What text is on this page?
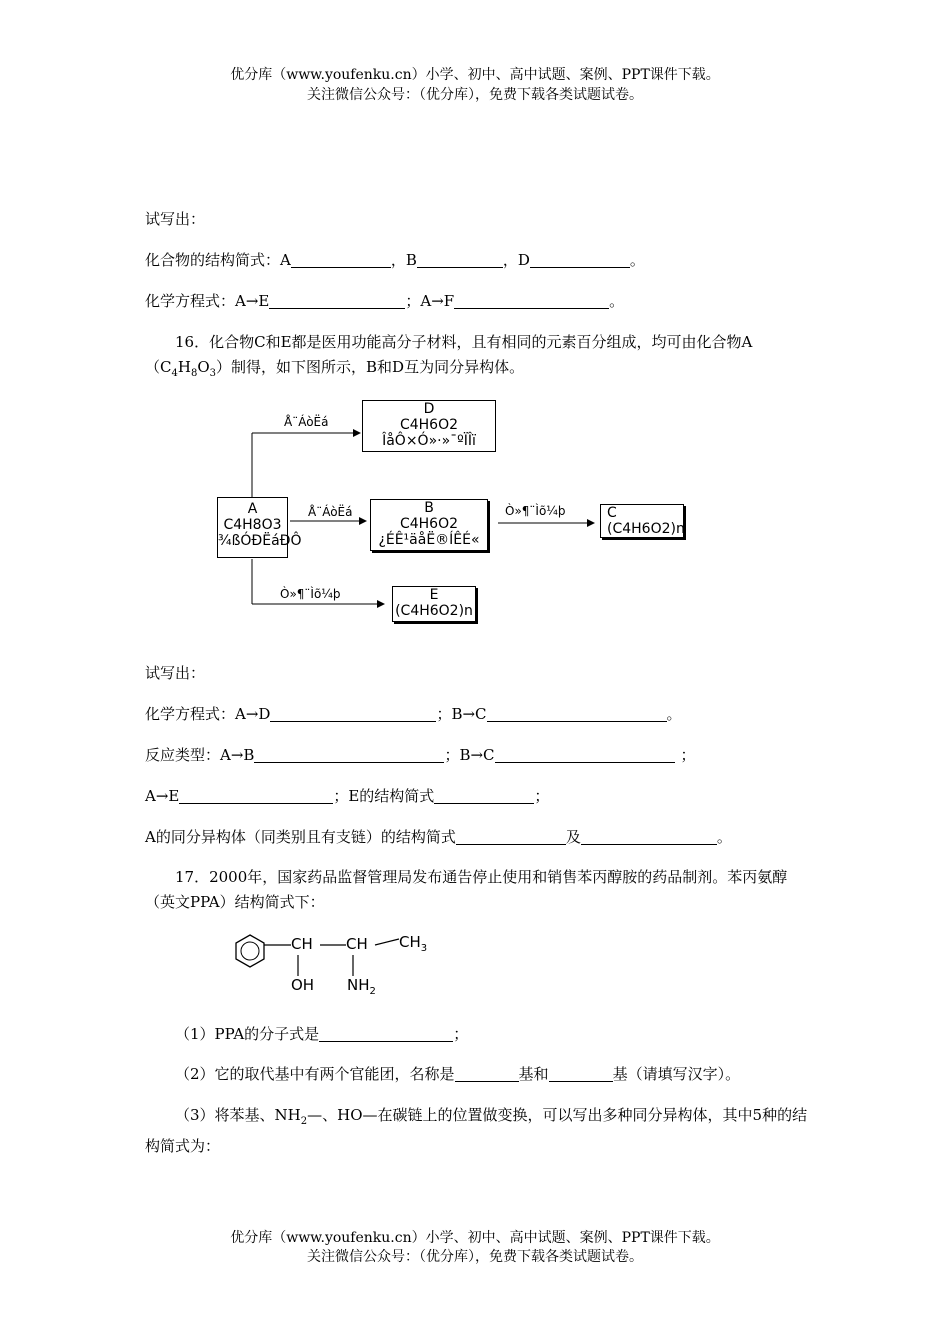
优分库（www.youfenku.cn）小学、初中、高中试题、案例、PPT课件下载。
关注微信公众号：（优分库），免费下载各类试题试卷。
试写出：
化合物的结构简式：A	，B	，D	。
化学方程式：A→E	；A→F	。
16．化合物C和E都是医用功能高分子材料，且有相同的元素百分组成，均可由化合物$A(C_4H_8O_3)$制得，如下图所示，B和D互为同分异构体。
Å¨ÁòËá
Å¨ÁòËá	Ò»¶¨Ìõ¼þ
Ò»¶¨Ìõ¼þ
D
C4H6O2
ÎåÔ×Ó»·»¯ºÏÎï
A
C4H8O3
¾ßÓÐËáÐÔ
B
C4H6O2
¿ÉÊ¹äåË®ÍÊÉ«
C
(C4H6O2)n
E
(C4H6O2)n
试写出：
化学方程式：A→D	；B→C	。
反应类型：A→B	；B→C	；
A→E	；E的结构简式	；
A的同分异构体（同类别且有支链）的结构简式	及	。
17．2000年，国家药品监督管理局发布通告停止使用和销售苯丙醇胺的药品制剂。苯丙氨醇（英文PPA）结构简式下：
CH CH $CH_3$
OH $NH_2$
（1）PPA的分子式是	；
（2）它的取代基中有两个官能团，名称是	基和	基（请填写汉字）。
（3）将苯基、$NH_2—$、HO—在碳链上的位置做变换，可以写出多种同分异构体，其中5种的结构简式为：
优分库（www.youfenku.cn）小学、初中、高中试题、案例、PPT课件下载。
关注微信公众号：（优分库），免费下载各类试题试卷。
